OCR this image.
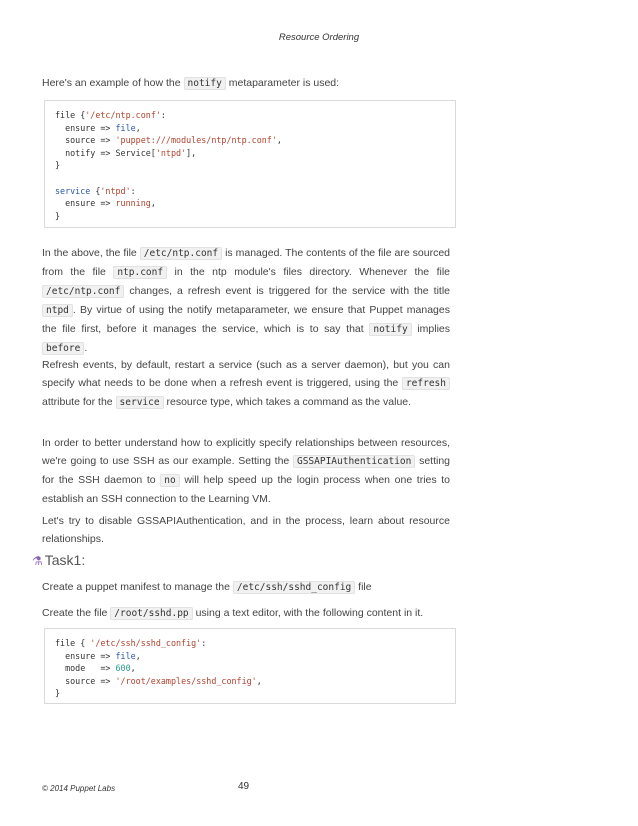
Resource Ordering
Here's an example of how the notify metaparameter is used:
file {'/etc/ntp.conf':
ensure => file,
source => 'puppet:///modules/ntp/ntp.conf',
notify => Service['ntpd'],
}

service {'ntpd':
ensure => running,
}
In the above, the file /etc/ntp.conf is managed. The contents of the file are sourced from the file ntp.conf in the ntp module's files directory. Whenever the file /etc/ntp.conf changes, a refresh event is triggered for the service with the title ntpd . By virtue of using the notify metaparameter, we ensure that Puppet manages the file first, before it manages the service, which is to say that notify implies before .
Refresh events, by default, restart a service (such as a server daemon), but you can specify what needs to be done when a refresh event is triggered, using the refresh attribute for the service resource type, which takes a command as the value.
In order to better understand how to explicitly specify relationships between resources, we're going to use SSH as our example. Setting the GSSAPIAuthentication setting for the SSH daemon to no will help speed up the login process when one tries to establish an SSH connection to the Learning VM.
Let's try to disable GSSAPIAuthentication, and in the process, learn about resource relationships.
⚗ Task1:
Create a puppet manifest to manage the /etc/ssh/sshd_config file
Create the file /root/sshd.pp using a text editor, with the following content in it.
file { '/etc/ssh/sshd_config':
ensure => file,
mode   => 600,
source => '/root/examples/sshd_config',
}
© 2014 Puppet Labs	49
